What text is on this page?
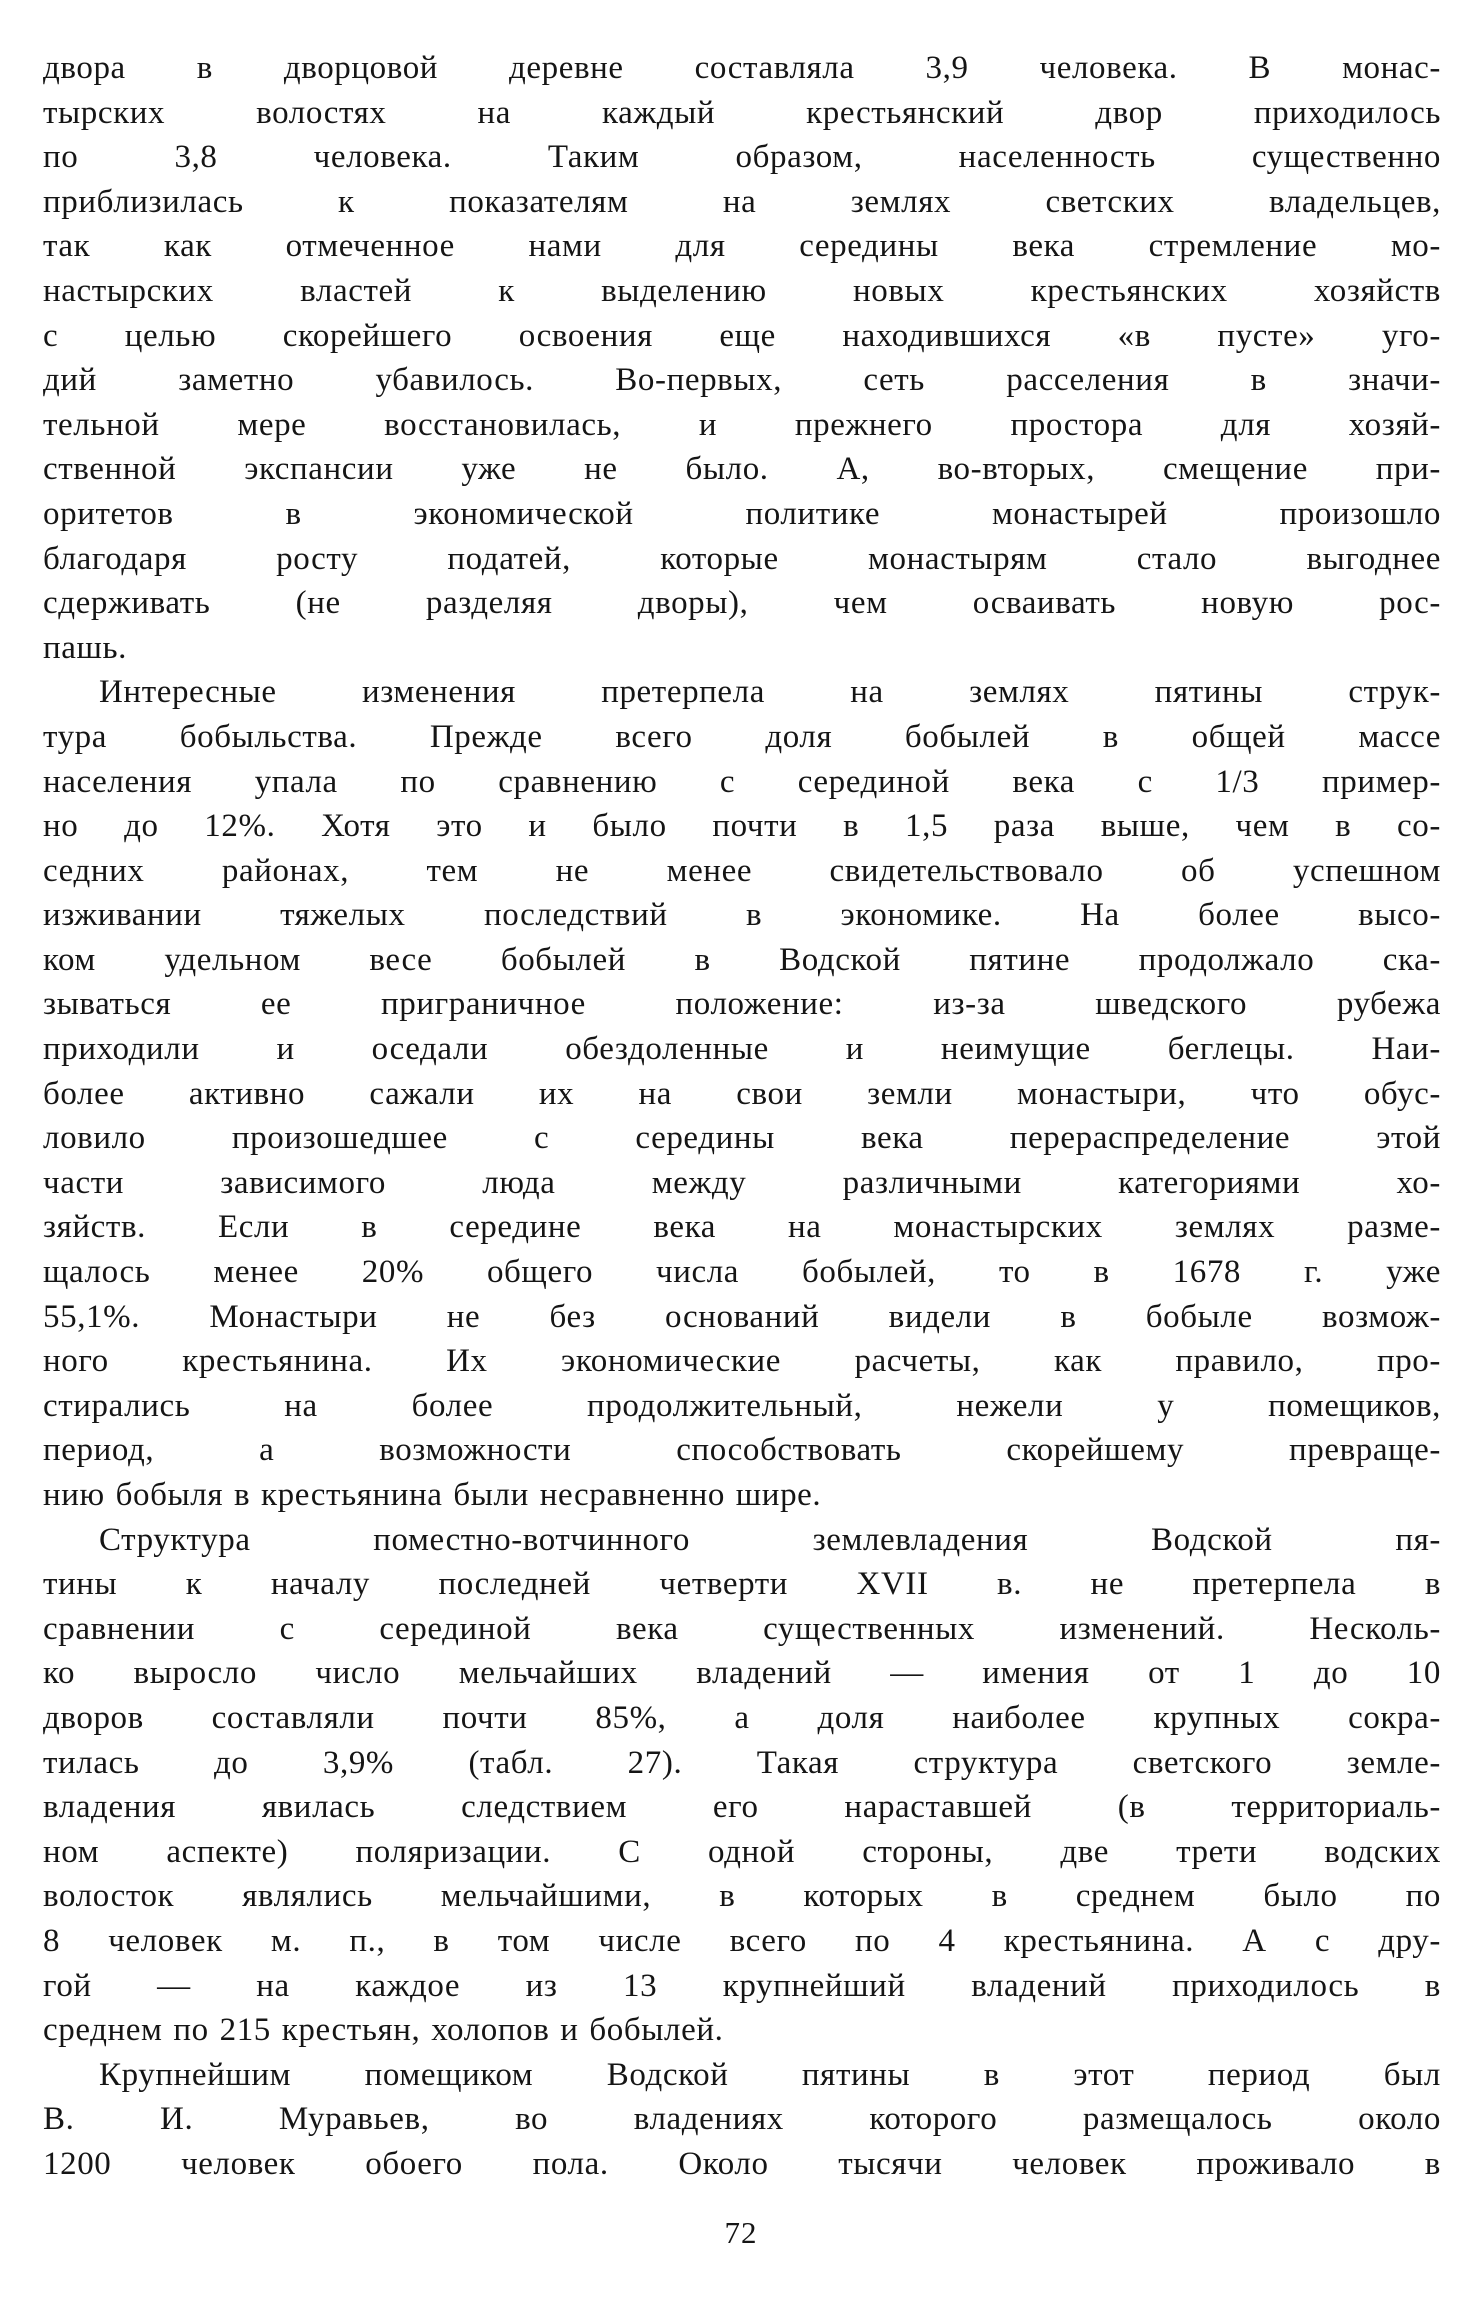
двора в дворцовой деревне составляла 3,9 человека. В монас-
тырских волостях на каждый крестьянский двор приходилось
по 3,8 человека. Таким образом, населенность существенно
приблизилась к показателям на землях светских владельцев,
так как отмеченное нами для середины века стремление мо-
настырских властей к выделению новых крестьянских хозяйств
с целью скорейшего освоения еще находившихся «в пусте» уго-
дий заметно убавилось. Во-первых, сеть расселения в значи-
тельной мере восстановилась, и прежнего простора для хозяй-
ственной экспансии уже не было. А, во-вторых, смещение при-
оритетов в экономической политике монастырей произошло
благодаря росту податей, которые монастырям стало выгоднее
сдерживать (не разделяя дворы), чем осваивать новую рос-
пашь.
Интересные изменения претерпела на землях пятины струк-
тура бобыльства. Прежде всего доля бобылей в общей массе
населения упала по сравнению с серединой века с 1/3 пример-
но до 12%. Хотя это и было почти в 1,5 раза выше, чем в со-
седних районах, тем не менее свидетельствовало об успешном
изживании тяжелых последствий в экономике. На более высо-
ком удельном весе бобылей в Водской пятине продолжало ска-
зываться ее приграничное положение: из-за шведского рубежа
приходили и оседали обездоленные и неимущие беглецы. Наи-
более активно сажали их на свои земли монастыри, что обус-
ловило произошедшее с середины века перераспределение этой
части зависимого люда между различными категориями хо-
зяйств. Если в середине века на монастырских землях разме-
щалось менее 20% общего числа бобылей, то в 1678 г. уже
55,1%. Монастыри не без оснований видели в бобыле возмож-
ного крестьянина. Их экономические расчеты, как правило, про-
стирались на более продолжительный, нежели у помещиков,
период, а возможности способствовать скорейшему превраще-
нию бобыля в крестьянина были несравненно шире.
Структура поместно-вотчинного землевладения Водской пя-
тины к началу последней четверти XVII в. не претерпела в
сравнении с серединой века существенных изменений. Несколь-
ко выросло число мельчайших владений — имения от 1 до 10
дворов составляли почти 85%, а доля наиболее крупных сокра-
тилась до 3,9% (табл. 27). Такая структура светского земле-
владения явилась следствием его нараставшей (в территориаль-
ном аспекте) поляризации. С одной стороны, две трети водских
волосток являлись мельчайшими, в которых в среднем было по
8 человек м. п., в том числе всего по 4 крестьянина. А с дру-
гой — на каждое из 13 крупнейший владений приходилось в
среднем по 215 крестьян, холопов и бобылей.
Крупнейшим помещиком Водской пятины в этот период был
В. И. Муравьев, во владениях которого размещалось около
1200 человек обоего пола. Около тысячи человек проживало в
72
